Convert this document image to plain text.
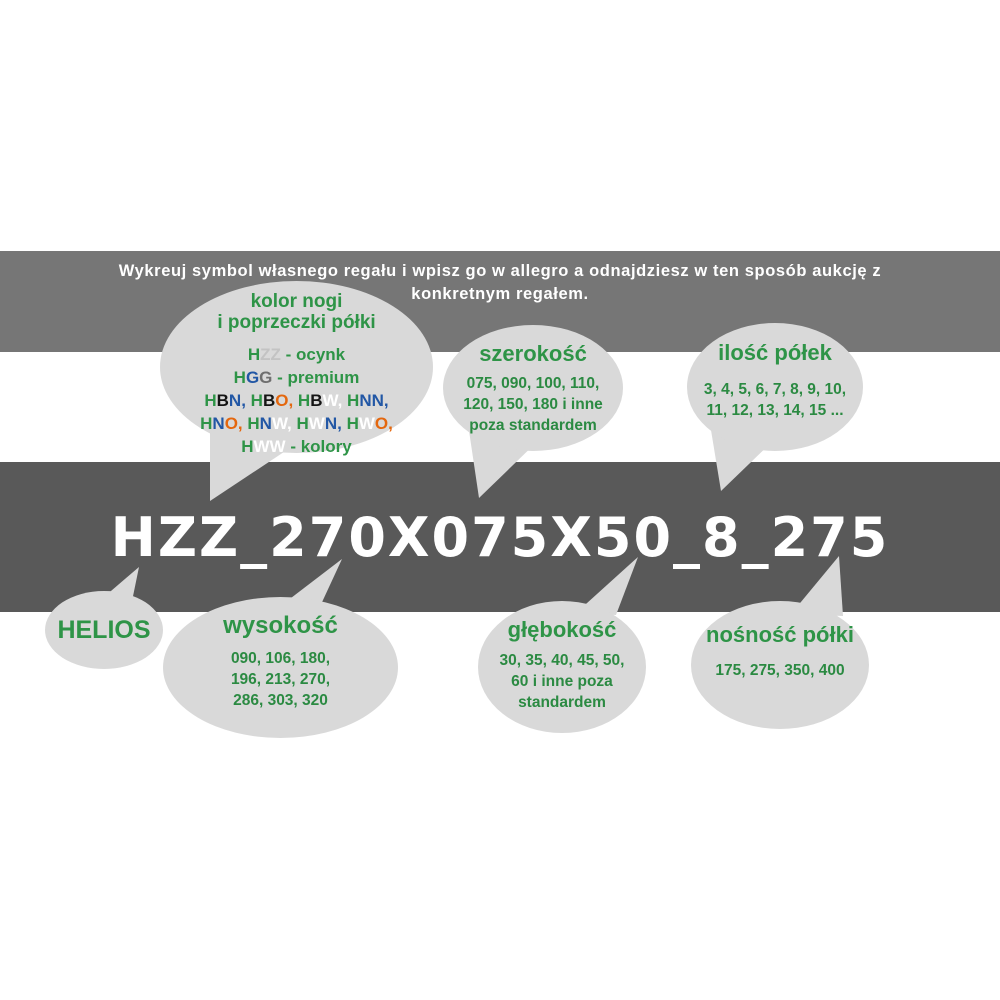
Wykreuj symbol własnego regału i wpisz go w allegro a odnajdziesz w ten sposób aukcję z
konkretnym regałem.
HZZ_270X075X50_8_275
kolor nogi
i poprzeczki półki
HZZ - ocynk
HGG - premium
HBN, HBO, HBW, HNN,
HNO, HNW, HWN, HWO,
HWW - kolory
szerokość
075, 090, 100, 110,
120, 150, 180 i inne
poza standardem
ilość półek
3, 4, 5, 6, 7, 8, 9, 10,
11, 12, 13, 14, 15 ...
HELIOS	wysokość
090, 106, 180,
196, 213, 270,
286, 303, 320
głębokość
30, 35, 40, 45, 50,
60 i inne poza
standardem
nośność półki
175, 275, 350, 400
